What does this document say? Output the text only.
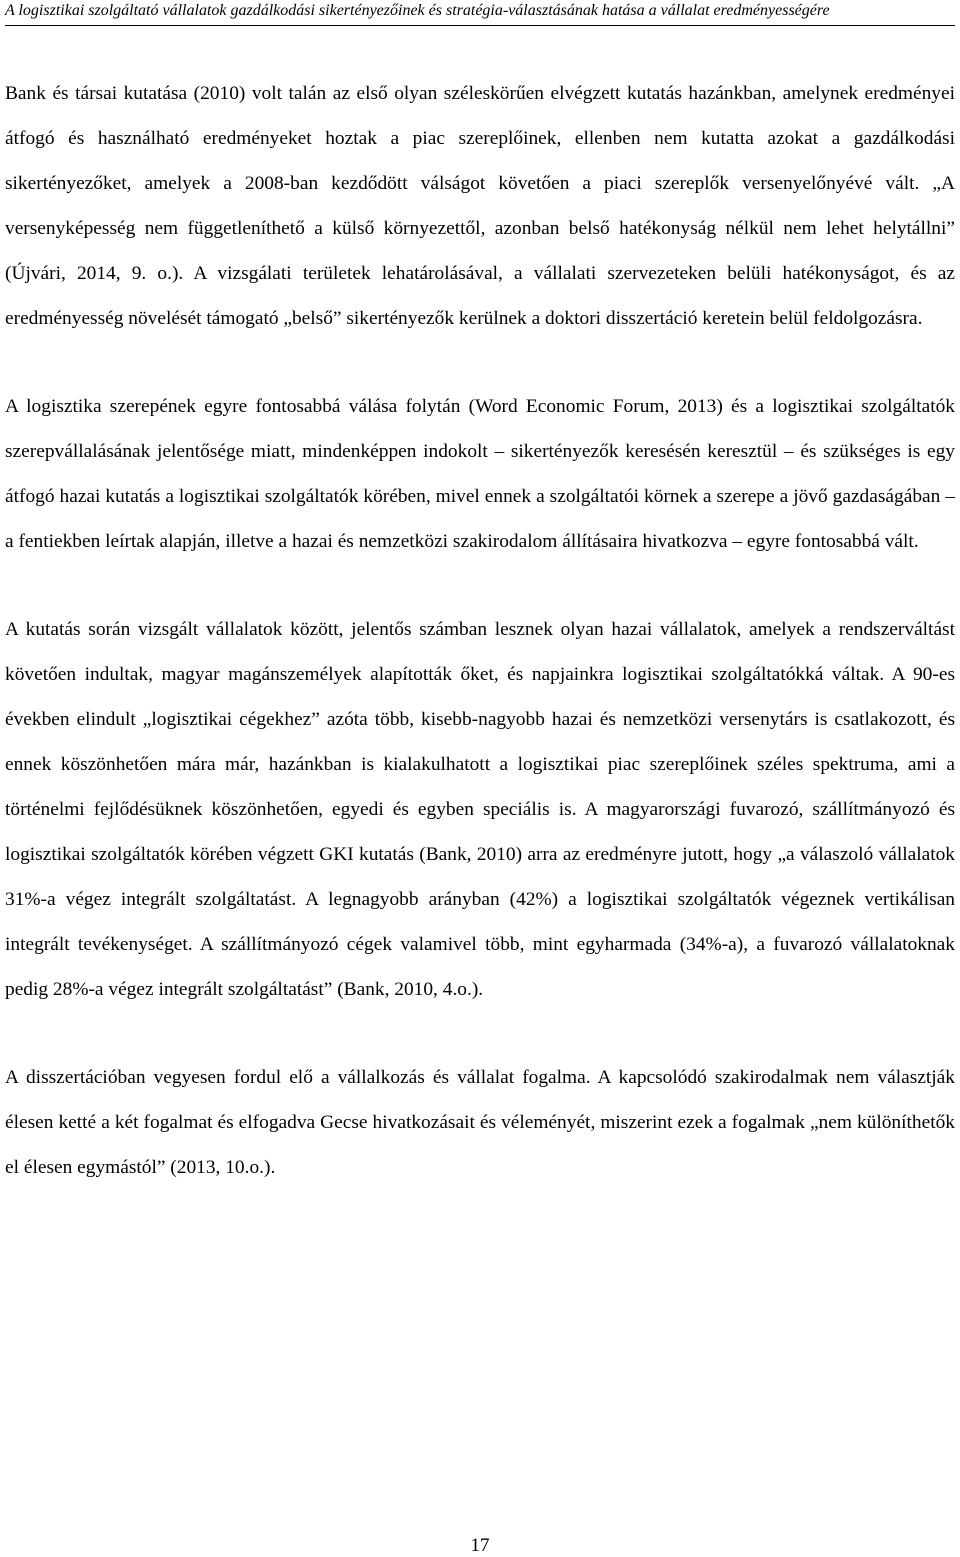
A logisztikai szolgáltató vállalatok gazdálkodási sikertényezőinek és stratégia-választásának hatása a vállalat eredményességére

Bank és társai kutatása (2010) volt talán az első olyan széleskörűen elvégzett kutatás hazánkban, amelynek eredményei átfogó és használható eredményeket hoztak a piac szereplőinek, ellenben nem kutatta azokat a gazdálkodási sikertényezőket, amelyek a 2008-ban kezdődött válságot követően a piaci szereplők versenyelőnyévé vált. „A versenyképesség nem függetleníthető a külső környezettől, azonban belső hatékonyság nélkül nem lehet helytállni” (Újvári, 2014, 9. o.). A vizsgálati területek lehatárolásával, a vállalati szervezeteken belüli hatékonyságot, és az eredményesség növelését támogató „belső” sikertényezők kerülnek a doktori disszertáció keretein belül feldolgozásra.

A logisztika szerepének egyre fontosabbá válása folytán (Word Economic Forum, 2013) és a logisztikai szolgáltatók szerepvállalásának jelentősége miatt, mindenképpen indokolt – sikertényezők keresésén keresztül – és szükséges is egy átfogó hazai kutatás a logisztikai szolgáltatók körében, mivel ennek a szolgáltatói körnek a szerepe a jövő gazdaságában – a fentiekben leírtak alapján, illetve a hazai és nemzetközi szakirodalom állításaira hivatkozva – egyre fontosabbá vált.

A kutatás során vizsgált vállalatok között, jelentős számban lesznek olyan hazai vállalatok, amelyek a rendszerváltást követően indultak, magyar magánszemélyek alapították őket, és napjainkra logisztikai szolgáltatókká váltak. A 90-es években elindult „logisztikai cégekhez” azóta több, kisebb-nagyobb hazai és nemzetközi versenytárs is csatlakozott, és ennek köszönhetően mára már, hazánkban is kialakulhatott a logisztikai piac szereplőinek széles spektruma, ami a történelmi fejlődésüknek köszönhetően, egyedi és egyben speciális is. A magyarországi fuvarozó, szállítmányozó és logisztikai szolgáltatók körében végzett GKI kutatás (Bank, 2010) arra az eredményre jutott, hogy „a válaszoló vállalatok 31%-a végez integrált szolgáltatást. A legnagyobb arányban (42%) a logisztikai szolgáltatók végeznek vertikálisan integrált tevékenységet. A szállítmányozó cégek valamivel több, mint egyharmada (34%-a), a fuvarozó vállalatoknak pedig 28%-a végez integrált szolgáltatást” (Bank, 2010, 4.o.).

A disszertációban vegyesen fordul elő a vállalkozás és vállalat fogalma. A kapcsolódó szakirodalmak nem választják élesen ketté a két fogalmat és elfogadva Gecse hivatkozásait és véleményét, miszerint ezek a fogalmak „nem különíthetők el élesen egymástól” (2013, 10.o.).

17
